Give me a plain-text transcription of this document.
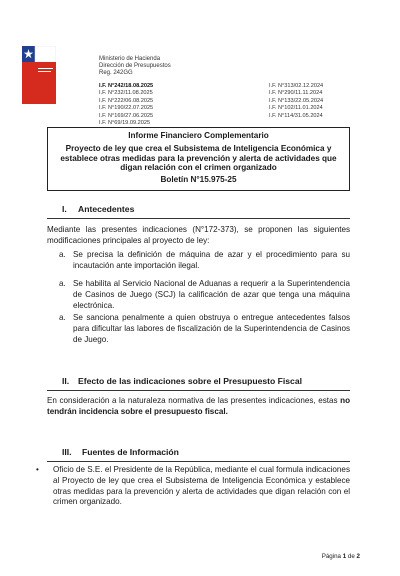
Ministerio de Hacienda
Dirección de Presupuestos
Reg. 242GG
I.F. N°242/18.08.2025
I.F. N°232/11.08.2025
I.F. N°222/06.08.2025
I.F. N°190/22.07.2025
I.F. N°169/27.06.2025
I.F. N°69/19.09.2025
I.F. N°313/02.12.2024
I.F. N°290/11.11.2024
I.F. N°133/22.05.2024
I.F. N°102/11.01.2024
I.F. N°114/31.05.2024
Informe Financiero Complementario
Proyecto de ley que crea el Subsistema de Inteligencia Económica y establece otras medidas para la prevención y alerta de actividades que digan relación con el crimen organizado
Boletín N°15.975-25
I. Antecedentes
Mediante las presentes indicaciones (N°172-373), se proponen las siguientes modificaciones principales al proyecto de ley:
a. Se precisa la definición de máquina de azar y el procedimiento para su incautación ante importación ilegal.
a. Se habilita al Servicio Nacional de Aduanas a requerir a la Superintendencia de Casinos de Juego (SCJ) la calificación de azar que tenga una máquina electrónica.
a. Se sanciona penalmente a quien obstruya o entregue antecedentes falsos para dificultar las labores de fiscalización de la Superintendencia de Casinos de Juego.
II. Efecto de las indicaciones sobre el Presupuesto Fiscal
En consideración a la naturaleza normativa de las presentes indicaciones, estas no tendrán incidencia sobre el presupuesto fiscal.
III. Fuentes de Información
• Oficio de S.E. el Presidente de la República, mediante el cual formula indicaciones al Proyecto de ley que crea el Subsistema de Inteligencia Económica y establece otras medidas para la prevención y alerta de actividades que digan relación con el crimen organizado.
Página 1 de 2
